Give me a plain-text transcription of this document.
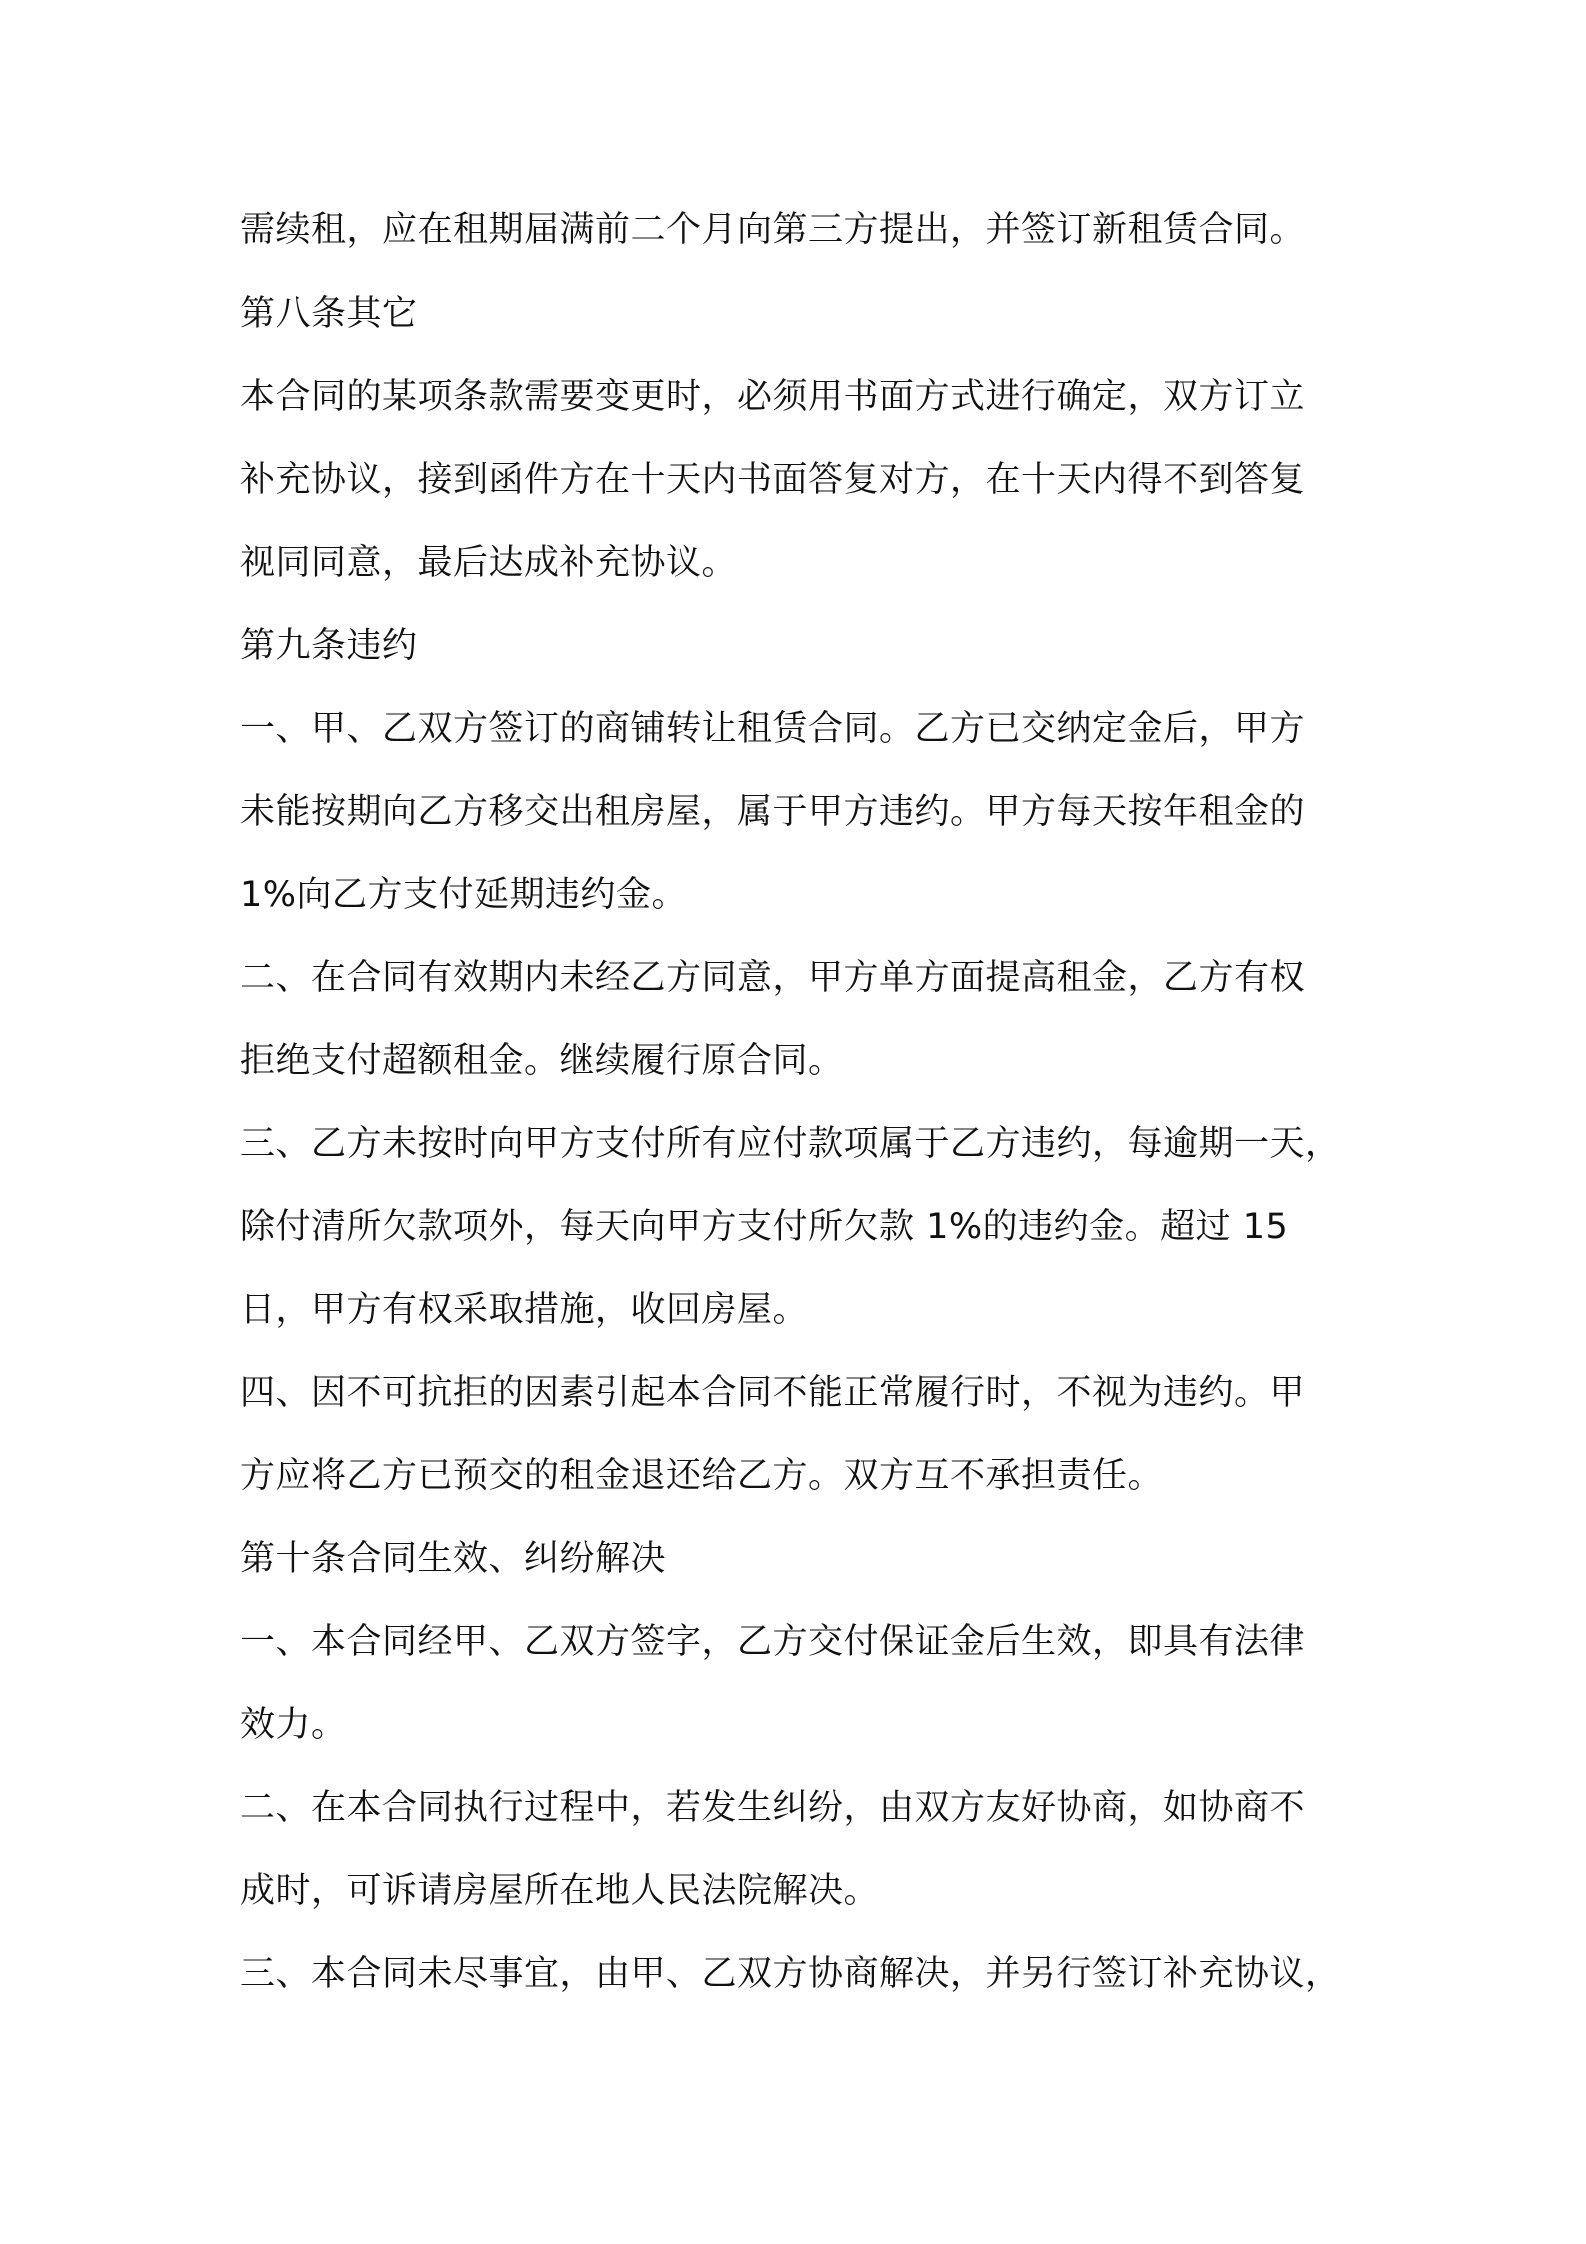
需续租，应在租期届满前二个月向第三方提出，并签订新租赁合同。
第八条其它
本合同的某项条款需要变更时，必须用书面方式进行确定，双方订立
补充协议，接到函件方在十天内书面答复对方，在十天内得不到答复
视同同意，最后达成补充协议。
第九条违约
一、甲、乙双方签订的商铺转让租赁合同。乙方已交纳定金后，甲方
未能按期向乙方移交出租房屋，属于甲方违约。甲方每天按年租金的
1%向乙方支付延期违约金。
二、在合同有效期内未经乙方同意，甲方单方面提高租金，乙方有权
拒绝支付超额租金。继续履行原合同。
三、乙方未按时向甲方支付所有应付款项属于乙方违约，每逾期一天，
除付清所欠款项外，每天向甲方支付所欠款 1%的违约金。超过 15
日，甲方有权采取措施，收回房屋。
四、因不可抗拒的因素引起本合同不能正常履行时，不视为违约。甲
方应将乙方已预交的租金退还给乙方。双方互不承担责任。
第十条合同生效、纠纷解决
一、本合同经甲、乙双方签字，乙方交付保证金后生效，即具有法律
效力。
二、在本合同执行过程中，若发生纠纷，由双方友好协商，如协商不
成时，可诉请房屋所在地人民法院解决。
三、本合同未尽事宜，由甲、乙双方协商解决，并另行签订补充协议，
